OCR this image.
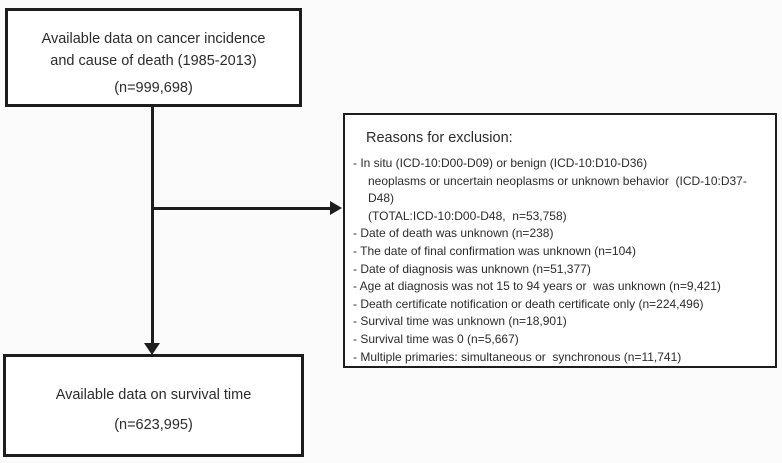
Available data on cancer incidence
and cause of death (1985-2013)
(n=999,698)
Reasons for exclusion:
- In situ (ICD-10:D00-D09) or benign (ICD-10:D10-D36)
neoplasms or uncertain neoplasms or unknown behavior  (ICD-10:D37-D48)
(TOTAL:ICD-10:D00-D48,  n=53,758)
- Date of death was unknown (n=238)
- The date of final confirmation was unknown (n=104)
- Date of diagnosis was unknown (n=51,377)
- Age at diagnosis was not 15 to 94 years or  was unknown (n=9,421)
- Death certificate notification or death certificate only (n=224,496)
- Survival time was unknown (n=18,901)
- Survival time was 0 (n=5,667)
- Multiple primaries: simultaneous or  synchronous (n=11,741)
Available data on survival time
(n=623,995)
